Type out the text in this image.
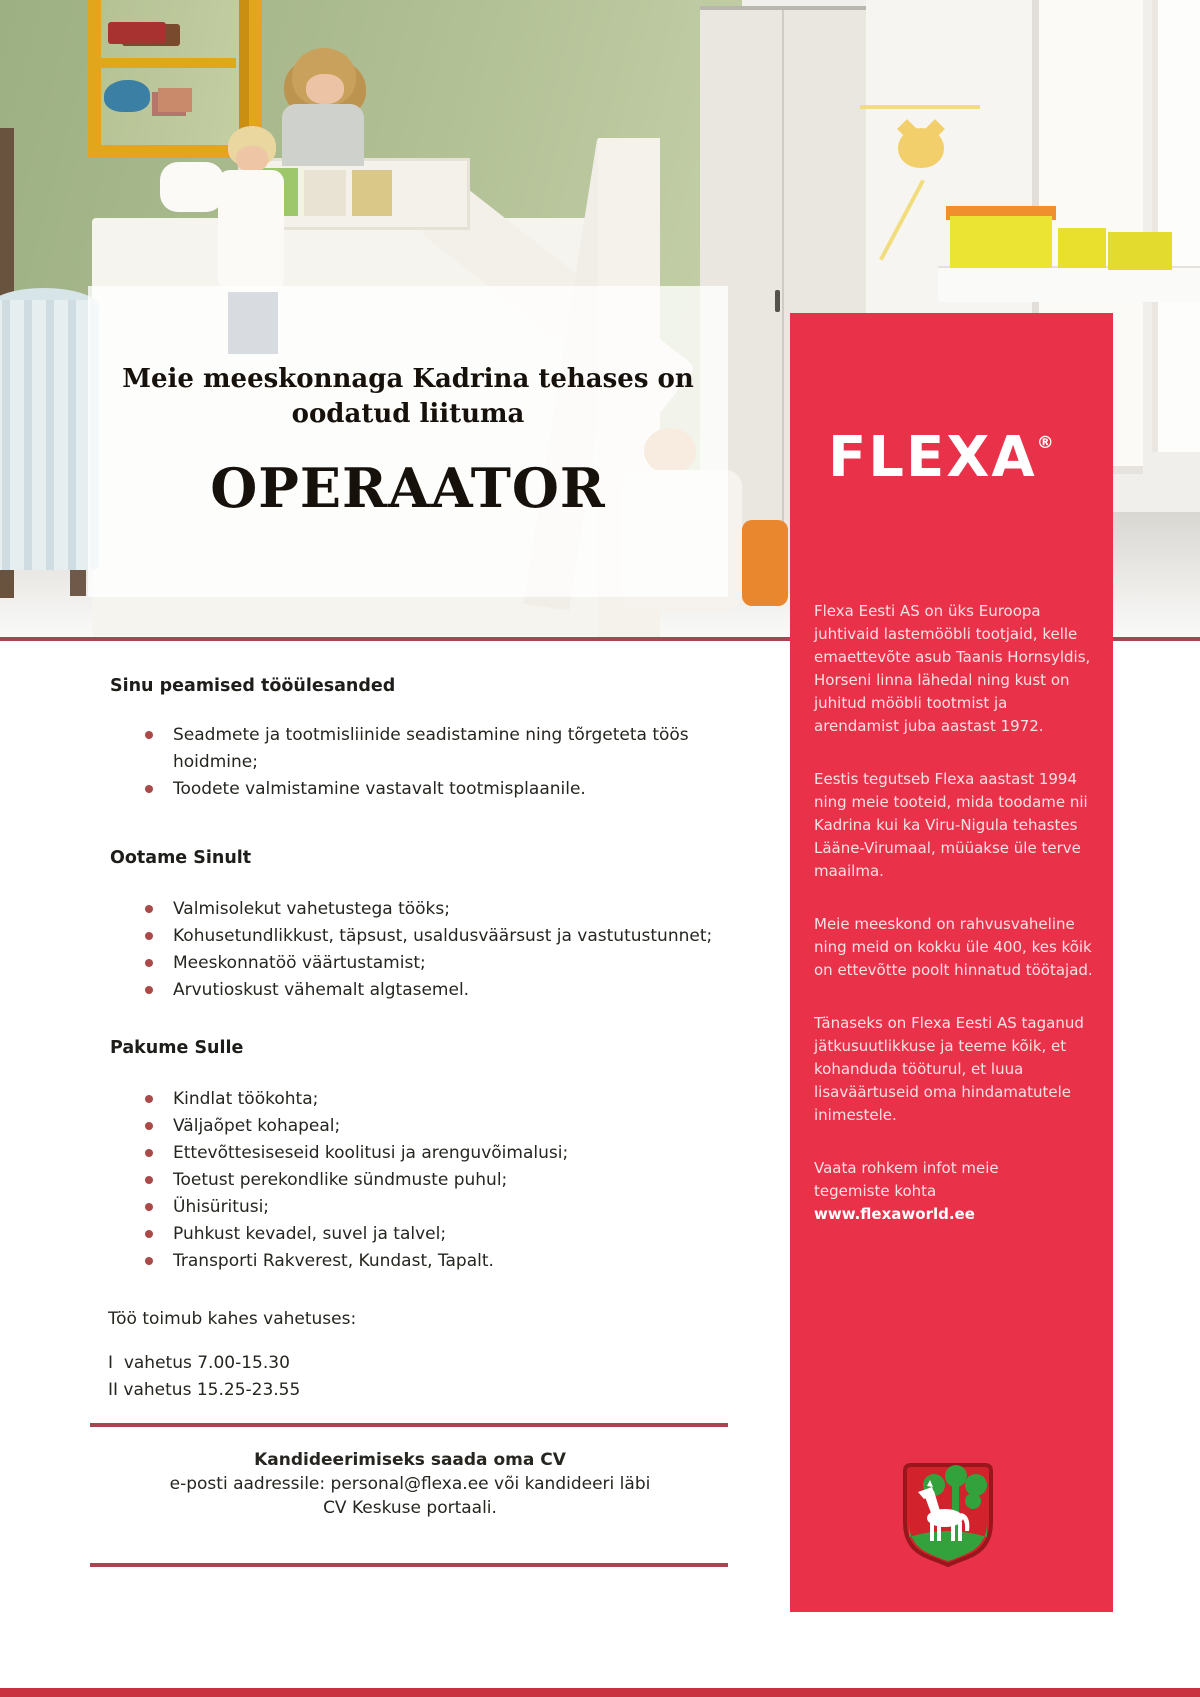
Meie meeskonnaga Kadrina tehases on
oodatud liituma
OPERAATOR
Sinu peamised tööülesanded
Seadmete ja tootmisliinide seadistamine ning tõrgeteta töös hoidmine;
Toodete valmistamine vastavalt tootmisplaanile.
Ootame Sinult
Valmisolekut vahetustega tööks;
Kohusetundlikkust, täpsust, usaldusväärsust ja vastutustunnet;
Meeskonnatöö väärtustamist;
Arvutioskust vähemalt algtasemel.
Pakume Sulle
Kindlat töökohta;
Väljaõpet kohapeal;
Ettevõttesiseseid koolitusi ja arenguvõimalusi;
Toetust perekondlike sündmuste puhul;
Ühisüritusi;
Puhkust kevadel, suvel ja talvel;
Transporti Rakverest, Kundast, Tapalt.
Töö toimub kahes vahetuses:
I  vahetus 7.00-15.30
II vahetus 15.25-23.55
Kandideerimiseks saada oma CV
e-posti aadressile: personal@flexa.ee või kandideeri läbi
CV Keskuse portaali.
FLEXA®

Flexa Eesti AS on üks Euroopa juhtivaid lastemööbli tootjaid, kelle emaettevõte asub Taanis Hornsyldis, Horseni linna lähedal ning kust on juhitud mööbli tootmist ja arendamist juba aastast 1972.

Eestis tegutseb Flexa aastast 1994 ning meie tooteid, mida toodame nii Kadrina kui ka Viru-Nigula tehastes Lääne-Virumaal, müüakse üle terve maailma.

Meie meeskond on rahvusvaheline ning meid on kokku üle 400, kes kõik on ettevõtte poolt hinnatud töötajad.

Tänaseks on Flexa Eesti AS taganud jätkusuutlikkuse ja teeme kõik, et kohanduda tööturul, et luua lisaväärtuseid oma hindamatutele inimestele.

Vaata rohkem infot meie
tegemiste kohta

www.flexaworld.ee
